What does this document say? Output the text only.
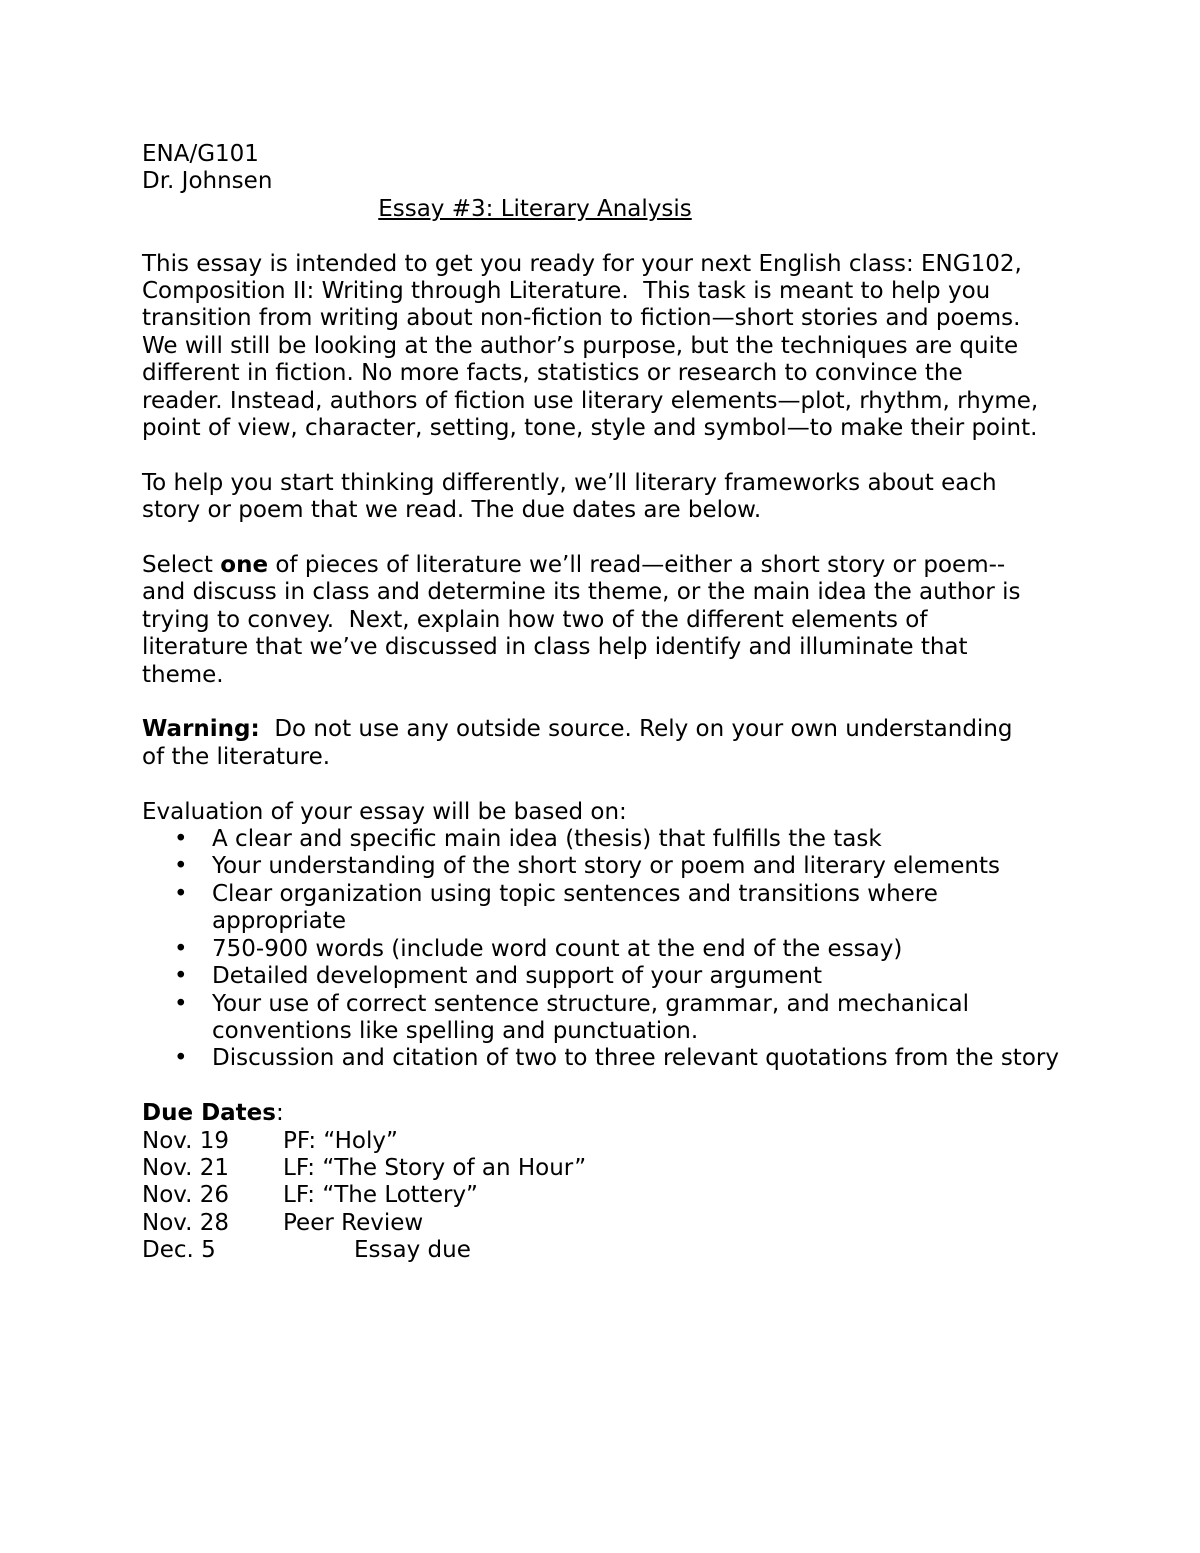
ENA/G101

Dr. Johnsen

Essay #3: Literary Analysis

This essay is intended to get you ready for your next English class: ENG102,

Composition II: Writing through Literature.  This task is meant to help you

transition from writing about non-fiction to fiction—short stories and poems.

We will still be looking at the author’s purpose, but the techniques are quite

different in fiction. No more facts, statistics or research to convince the

reader. Instead, authors of fiction use literary elements—plot, rhythm, rhyme,

point of view, character, setting, tone, style and symbol—to make their point.

To help you start thinking differently, we’ll literary frameworks about each

story or poem that we read. The due dates are below.

Select one of pieces of literature we’ll read—either a short story or poem--

and discuss in class and determine its theme, or the main idea the author is

trying to convey.  Next, explain how two of the different elements of

literature that we’ve discussed in class help identify and illuminate that

theme.

Warning:  Do not use any outside source. Rely on your own understanding

of the literature.

Evaluation of your essay will be based on:

• A clear and specific main idea (thesis) that fulfills the task
• Your understanding of the short story or poem and literary elements
• Clear organization using topic sentences and transitions where appropriate
• 750-900 words (include word count at the end of the essay)
• Detailed development and support of your argument
• Your use of correct sentence structure, grammar, and mechanical conventions like spelling and punctuation.
• Discussion and citation of two to three relevant quotations from the story

Due Dates:

Nov. 19

PF: “Holy”

Nov. 21

LF: “The Story of an Hour”

Nov. 26

LF: “The Lottery”

Nov. 28

Peer Review

Dec. 5

	Essay due
